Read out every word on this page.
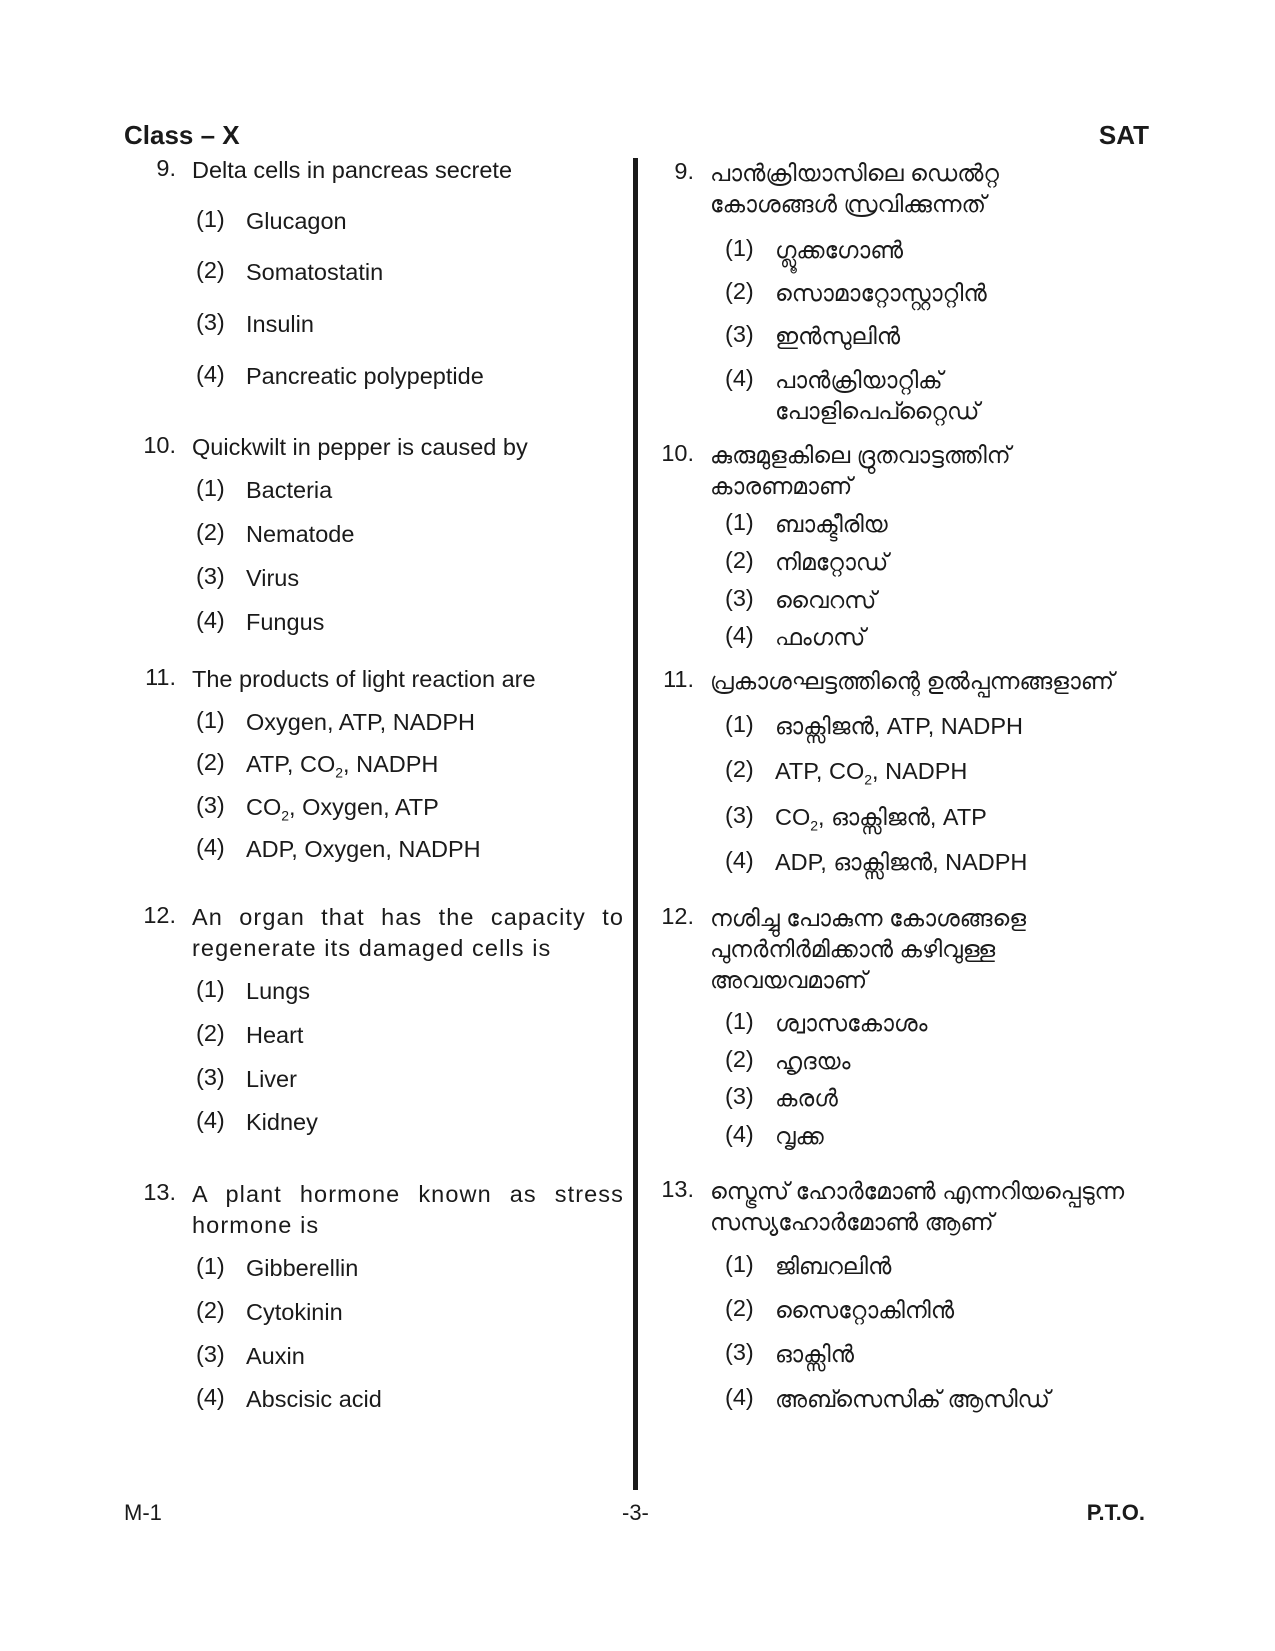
Class – X	SAT
9. Delta cells in pancreas secrete
(1) Glucagon
(2) Somatostatin
(3) Insulin
(4) Pancreatic polypeptide
10. Quickwilt in pepper is caused by
(1) Bacteria
(2) Nematode
(3) Virus
(4) Fungus
11. The products of light reaction are
(1) Oxygen, ATP, NADPH
(2) ATP, $CO_2$, NADPH
(3) $CO_2$, Oxygen, ATP
(4) ADP, Oxygen, NADPH
12. An organ that has the capacity to regenerate its damaged cells is
(1) Lungs
(2) Heart
(3) Liver
(4) Kidney
13. A plant hormone known as stress hormone is
(1) Gibberellin
(2) Cytokinin
(3) Auxin
(4) Abscisic acid
9. പാൻക്രിയാസിലെ ഡെൽറ്റ കോശങ്ങൾ സ്രവിക്കുന്നത്
(1) ഗ്ലൂക്കഗോൺ
(2) സൊമാറ്റോസ്റ്റാറ്റിൻ
(3) ഇൻസുലിൻ
(4) പാൻക്രിയാറ്റിക് പോളിപെപ്റ്റൈഡ്
10. കുരുമുളകിലെ ദ്രുതവാട്ടത്തിന് കാരണമാണ്
(1) ബാക്ടീരിയ
(2) നിമറ്റോഡ്
(3) വൈറസ്
(4) ഫംഗസ്
11. പ്രകാശഘട്ടത്തിന്റെ ഉൽപ്പന്നങ്ങളാണ്
(1) ഓക്സിജൻ, ATP, NADPH
(2) ATP, $CO_2$, NADPH
(3) $CO_2$, ഓക്സിജൻ, ATP
(4) ADP, ഓക്സിജൻ, NADPH
12. നശിച്ചു പോകുന്ന കോശങ്ങളെ പുനർനിർമിക്കാൻ കഴിവുള്ള അവയവമാണ്
(1) ശ്വാസകോശം
(2) ഹൃദയം
(3) കരൾ
(4) വൃക്ക
13. സ്ട്രെസ് ഹോർമോൺ എന്നറിയപ്പെടുന്ന സസ്യഹോർമോൺ ആണ്
(1) ജിബറലിൻ
(2) സൈറ്റോകിനിൻ
(3) ഓക്സിൻ
(4) അബ്സെസിക് ആസിഡ്
M-1	-3-	P.T.O.
